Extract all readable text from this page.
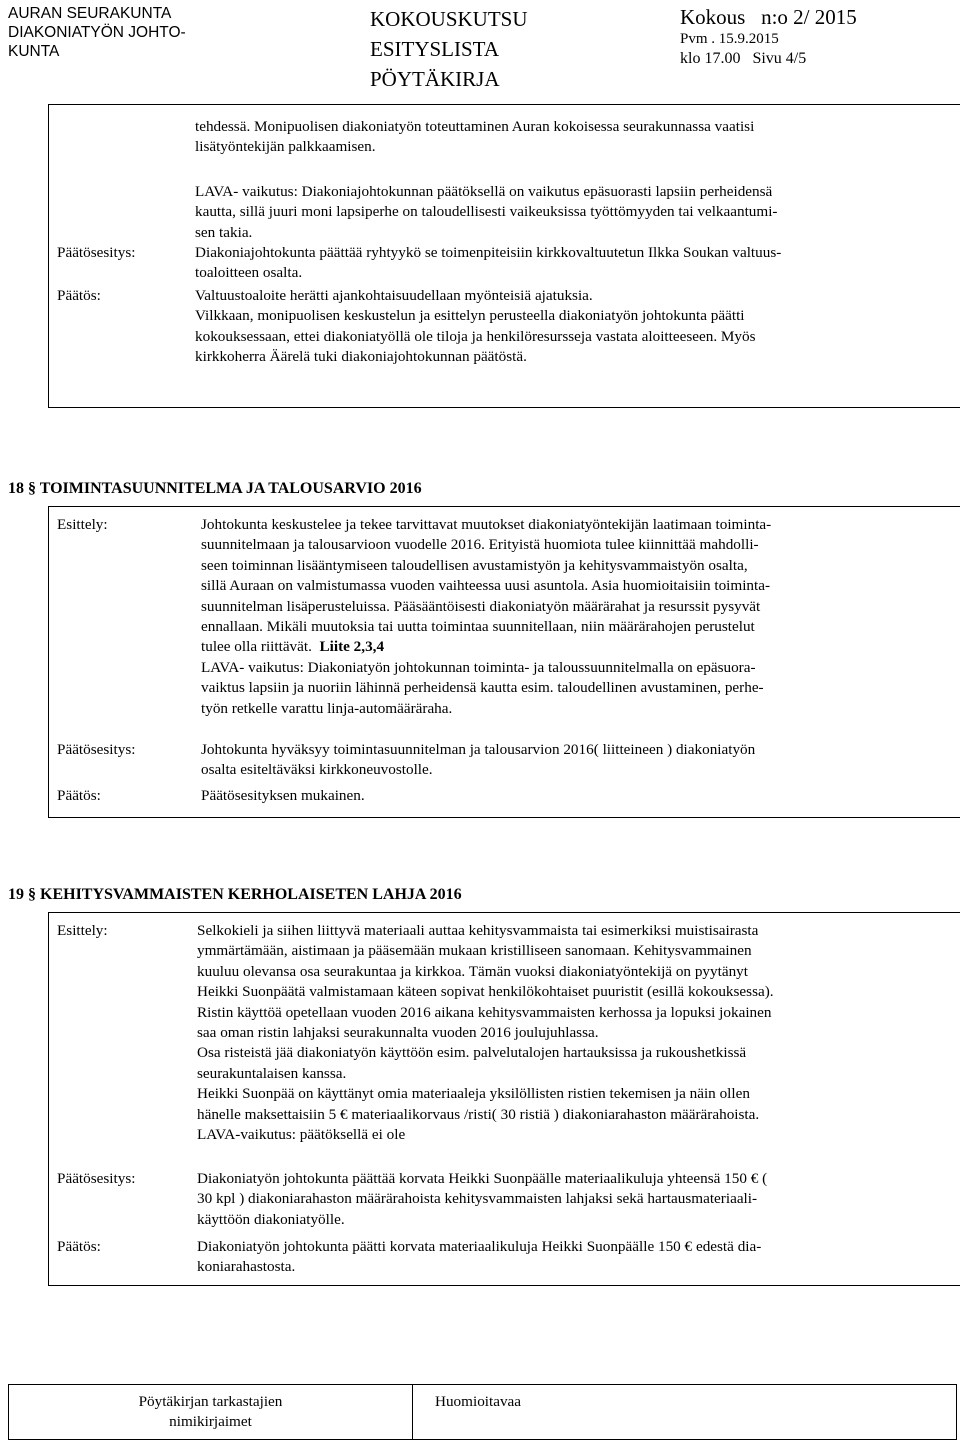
AURAN SEURAKUNTA
DIAKONIATYÖN JOHTO-
KUNTA
KOKOUSKUTSU
ESITYSLISTA
PÖYTÄKIRJA
Kokous   n:o 2/ 2015
Pvm . 15.9.2015
klo 17.00   Sivu 4/5
tehdessä. Monipuolisen diakoniatyön toteuttaminen Auran kokoisessa seurakunnassa vaatisi
lisätyöntekijän palkkaamisen.
LAVA- vaikutus: Diakoniajohtokunnan päätöksellä on vaikutus epäsuorasti lapsiin perheidensä
kautta, sillä juuri moni lapsiperhe on taloudellisesti vaikeuksissa työttömyyden tai velkaantumi-
sen takia.
Päätösesitys:	Diakoniajohtokunta päättää ryhtyykö se toimenpiteisiin kirkkovaltuutetun Ilkka Soukan valtuus-
toaloitteen osalta.
Päätös:	Valtuustoaloite herätti ajankohtaisuudellaan myönteisiä ajatuksia.
Vilkkaan, monipuolisen keskustelun ja esittelyn perusteella diakoniatyön johtokunta päätti
kokouksessaan, ettei diakoniatyöllä ole tiloja ja henkilöresursseja vastata aloitteeseen. Myös
kirkkoherra Äärelä tuki diakoniajohtokunnan päätöstä.
18 § TOIMINTASUUNNITELMA JA TALOUSARVIO 2016
Esittely:	Johtokunta keskustelee ja tekee tarvittavat muutokset diakoniatyöntekijän laatimaan toiminta-
suunnitelmaan ja talousarvioon vuodelle 2016. Erityistä huomiota tulee kiinnittää mahdolli-
seen toiminnan lisääntymiseen taloudellisen avustamistyön ja kehitysvammaistyön osalta,
sillä Auraan on valmistumassa vuoden vaihteessa uusi asuntola. Asia huomioitaisiin toiminta-
suunnitelman lisäperusteluissa. Pääsääntöisesti diakoniatyön määrärahat ja resurssit pysyvät
ennallaan. Mikäli muutoksia tai uutta toimintaa suunnitellaan, niin määrärahojen perustelut
tulee olla riittävät. Liite 2,3,4
LAVA- vaikutus: Diakoniatyön johtokunnan toiminta- ja taloussuunnitelmalla on epäsuora-
vaiktus lapsiin ja nuoriin lähinnä perheidensä kautta esim. taloudellinen avustaminen, perhe-
työn retkelle varattu linja-automääräraha.
Päätösesitys:	Johtokunta hyväksyy toimintasuunnitelman ja talousarvion 2016( liitteineen ) diakoniatyön
osalta esiteltäväksi kirkkoneuvostolle.
Päätös:	Päätösesityksen mukainen.
19 § KEHITYSVAMMAISTEN KERHOLAISETEN LAHJA 2016
Esittely:	Selkokieli ja siihen liittyvä materiaali auttaa kehitysvammaista tai esimerkiksi muistisairasta
ymmärtämään, aistimaan ja pääsemään mukaan kristilliseen sanomaan. Kehitysvammainen
kuuluu olevansa osa seurakuntaa ja kirkkoa. Tämän vuoksi diakoniatyöntekijä on pyytänyt
Heikki Suonpäätä valmistamaan käteen sopivat henkilökohtaiset puuristit (esillä kokouksessa).
Ristin käyttöä opetellaan vuoden 2016 aikana kehitysvammaisten kerhossa ja lopuksi jokainen
saa oman ristin lahjaksi seurakunnalta vuoden 2016 joulujuhlassa.
Osa risteistä jää diakoniatyön käyttöön esim. palvelutalojen hartauksissa ja rukoushetkissä
seurakuntalaisen kanssa.
Heikki Suonpää on käyttänyt omia materiaaleja yksilöllisten ristien tekemisen ja näin ollen
hänelle maksettaisiin 5 € materiaalikorvaus /risti( 30 ristiä ) diakoniarahaston määrärahoista.
LAVA-vaikutus: päätöksellä ei ole
Päätösesitys:	Diakoniatyön johtokunta päättää korvata Heikki Suonpäälle materiaalikuluja yhteensä 150 € (
30 kpl ) diakoniarahaston määrärahoista kehitysvammaisten lahjaksi sekä hartausmateriaali-
käyttöön diakoniatyölle.
Päätös:	Diakoniatyön johtokunta päätti korvata materiaalikuluja Heikki Suonpäälle 150 € edestä dia-
koniarahastosta.
Pöytäkirjan tarkastajien
nimikirjaimet
Huomioitavaa
